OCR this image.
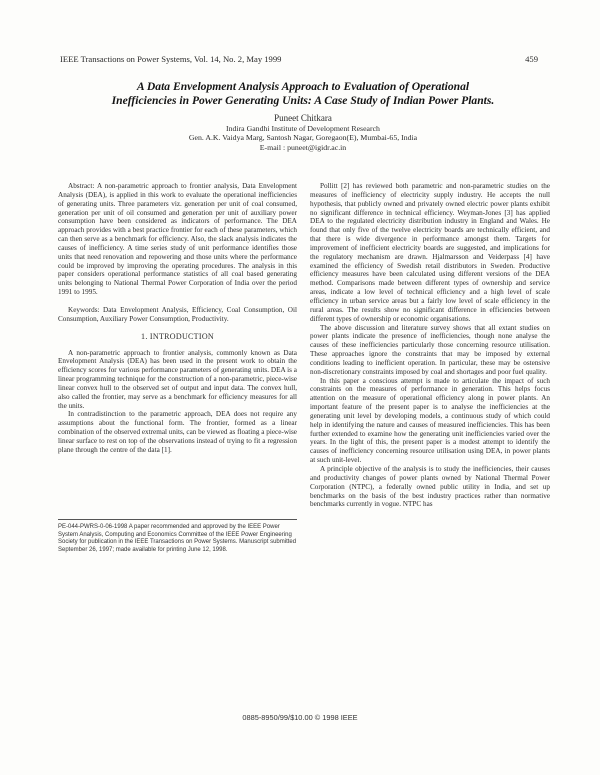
IEEE Transactions on Power Systems, Vol. 14, No. 2, May 1999	459
A Data Envelopment Analysis Approach to Evaluation of Operational
Inefficiencies in Power Generating Units: A Case Study of Indian Power Plants.
Puneet Chitkara
Indira Gandhi Institute of Development Research
Gen. A.K. Vaidya Marg, Santosh Nagar, Goregaon(E), Mumbai-65, India
E-mail : puneet@igidr.ac.in

Abstract: A non-parametric approach to frontier analysis, Data Envelopment Analysis (DEA), is applied in this work to evaluate the operational inefficiencies of generating units. Three parameters viz. generation per unit of coal consumed, generation per unit of oil consumed and generation per unit of auxiliary power consumption have been considered as indicators of performance. The DEA approach provides with a best practice frontier for each of these parameters, which can then serve as a benchmark for efficiency. Also, the slack analysis indicates the causes of inefficiency. A time series study of unit performance identifies those units that need renovation and repowering and those units where the performance could be improved by improving the operating procedures. The analysis in this paper considers operational performance statistics of all coal based generating units belonging to National Thermal Power Corporation of India over the period 1991 to 1995.

Keywords: Data Envelopment Analysis, Efficiency, Coal Consumption, Oil Consumption, Auxiliary Power Consumption, Productivity.

1. INTRODUCTION

A non-parametric approach to frontier analysis, commonly known as Data Envelopment Analysis (DEA) has been used in the present work to obtain the efficiency scores for various performance parameters of generating units. DEA is a linear programming technique for the construction of a non-parametric, piece-wise linear convex hull to the observed set of output and input data. The convex hull, also called the frontier, may serve as a benchmark for efficiency measures for all the units.

In contradistinction to the parametric approach, DEA does not require any assumptions about the functional form. The frontier, formed as a linear combination of the observed extremal units, can be viewed as floating a piece-wise linear surface to rest on top of the observations instead of trying to fit a regression plane through the centre of the data [1].

PE-044-PWRS-0-06-1998 A paper recommended and approved by the IEEE Power System Analysis, Computing and Economics Committee of the IEEE Power Engineering Society for publication in the IEEE Transactions on Power Systems. Manuscript submitted September 26, 1997; made available for printing June 12, 1998.

Pollitt [2] has reviewed both parametric and non-parametric studies on the measures of inefficiency of electricity supply industry. He accepts the null hypothesis, that publicly owned and privately owned electric power plants exhibit no significant difference in technical efficiency. Weyman-Jones [3] has applied DEA to the regulated electricity distribution industry in England and Wales. He found that only five of the twelve electricity boards are technically efficient, and that there is wide divergence in performance amongst them. Targets for improvement of inefficient electricity boards are suggested, and implications for the regulatory mechanism are drawn. Hjalmarsson and Veiderpass [4] have examined the efficiency of Swedish retail distributors in Sweden. Productive efficiency measures have been calculated using different versions of the DEA method. Comparisons made between different types of ownership and service areas, indicate a low level of technical efficiency and a high level of scale efficiency in urban service areas but a fairly low level of scale efficiency in the rural areas. The results show no significant difference in efficiencies between different types of ownership or economic organisations.

The above discussion and literature survey shows that all extant studies on power plants indicate the presence of inefficiencies, though none analyse the causes of these inefficiencies particularly those concerning resource utilisation. These approaches ignore the constraints that may be imposed by external conditions leading to inefficient operation. In particular, these may be ostensive non-discretionary constraints imposed by coal and shortages and poor fuel quality.

In this paper a conscious attempt is made to articulate the impact of such constraints on the measures of performance in generation. This helps focus attention on the measure of operational efficiency along in power plants. An important feature of the present paper is to analyse the inefficiencies at the generating unit level by developing models, a continuous study of which could help in identifying the nature and causes of measured inefficiencies. This has been further extended to examine how the generating unit inefficiencies varied over the years. In the light of this, the present paper is a modest attempt to identify the causes of inefficiency concerning resource utilisation using DEA, in power plants at such unit-level.

A principle objective of the analysis is to study the inefficiencies, their causes and productivity changes of power plants owned by National Thermal Power Corporation (NTPC), a federally owned public utility in India, and set up benchmarks on the basis of the best industry practices rather than normative benchmarks currently in vogue. NTPC has

0885-8950/99/$10.00 © 1998 IEEE
